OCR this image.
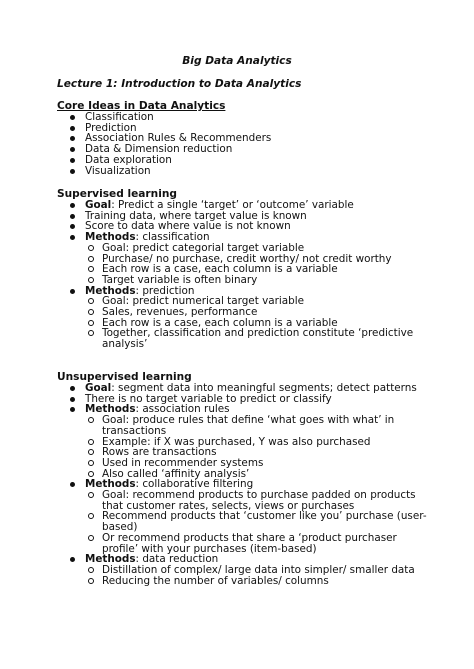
Big Data Analytics
Lecture 1: Introduction to Data Analytics
Core Ideas in Data Analytics
Classification
Prediction
Association Rules & Recommenders
Data & Dimension reduction
Data exploration
Visualization
Supervised learning
Goal: Predict a single ‘target’ or ‘outcome’ variable
Training data, where target value is known
Score to data where value is not known
Methods: classification
Goal: predict categorial target variable
Purchase/ no purchase, credit worthy/ not credit worthy
Each row is a case, each column is a variable
Target variable is often binary
Methods: prediction
Goal: predict numerical target variable
Sales, revenues, performance
Each row is a case, each column is a variable
Together, classification and prediction constitute ‘predictive
analysis’
Unsupervised learning
Goal: segment data into meaningful segments; detect patterns
There is no target variable to predict or classify
Methods: association rules
Goal: produce rules that define ‘what goes with what’ in
transactions
Example: if X was purchased, Y was also purchased
Rows are transactions
Used in recommender systems
Also called ‘affinity analysis’
Methods: collaborative filtering
Goal: recommend products to purchase padded on products
that customer rates, selects, views or purchases
Recommend products that ‘customer like you’ purchase (user-
based)
Or recommend products that share a ‘product purchaser
profile’ with your purchases (item-based)
Methods: data reduction
Distillation of complex/ large data into simpler/ smaller data
Reducing the number of variables/ columns
